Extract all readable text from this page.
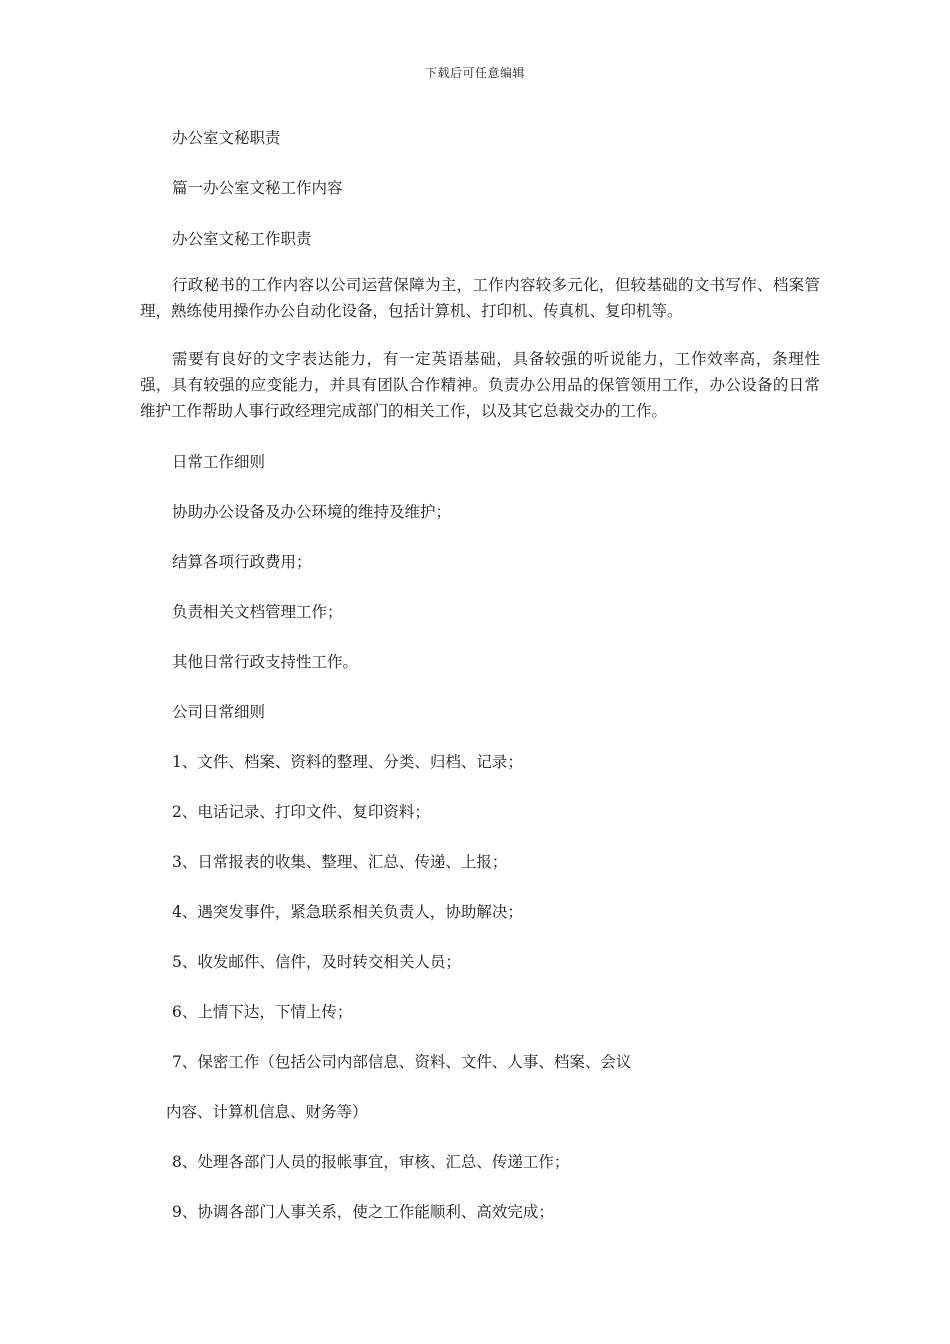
下载后可任意编辑
办公室文秘职责
篇一办公室文秘工作内容
办公室文秘工作职责
行政秘书的工作内容以公司运营保障为主，工作内容较多元化，但较基础的文书写作、档案管理，熟练使用操作办公自动化设备，包括计算机、打印机、传真机、复印机等。
需要有良好的文字表达能力，有一定英语基础，具备较强的听说能力，工作效率高，条理性强，具有较强的应变能力，并具有团队合作精神。负责办公用品的保管领用工作，办公设备的日常维护工作帮助人事行政经理完成部门的相关工作，以及其它总裁交办的工作。
日常工作细则
协助办公设备及办公环境的维持及维护；
结算各项行政费用；
负责相关文档管理工作；
其他日常行政支持性工作。
公司日常细则
1、文件、档案、资料的整理、分类、归档、记录；
2、电话记录、打印文件、复印资料；
3、日常报表的收集、整理、汇总、传递、上报；
4、遇突发事件，紧急联系相关负责人，协助解决；
5、收发邮件、信件，及时转交相关人员；
6、上情下达，下情上传；
7、保密工作（包括公司内部信息、资料、文件、人事、档案、会议
内容、计算机信息、财务等）
8、处理各部门人员的报帐事宜，审核、汇总、传递工作；
9、协调各部门人事关系，使之工作能顺利、高效完成；
